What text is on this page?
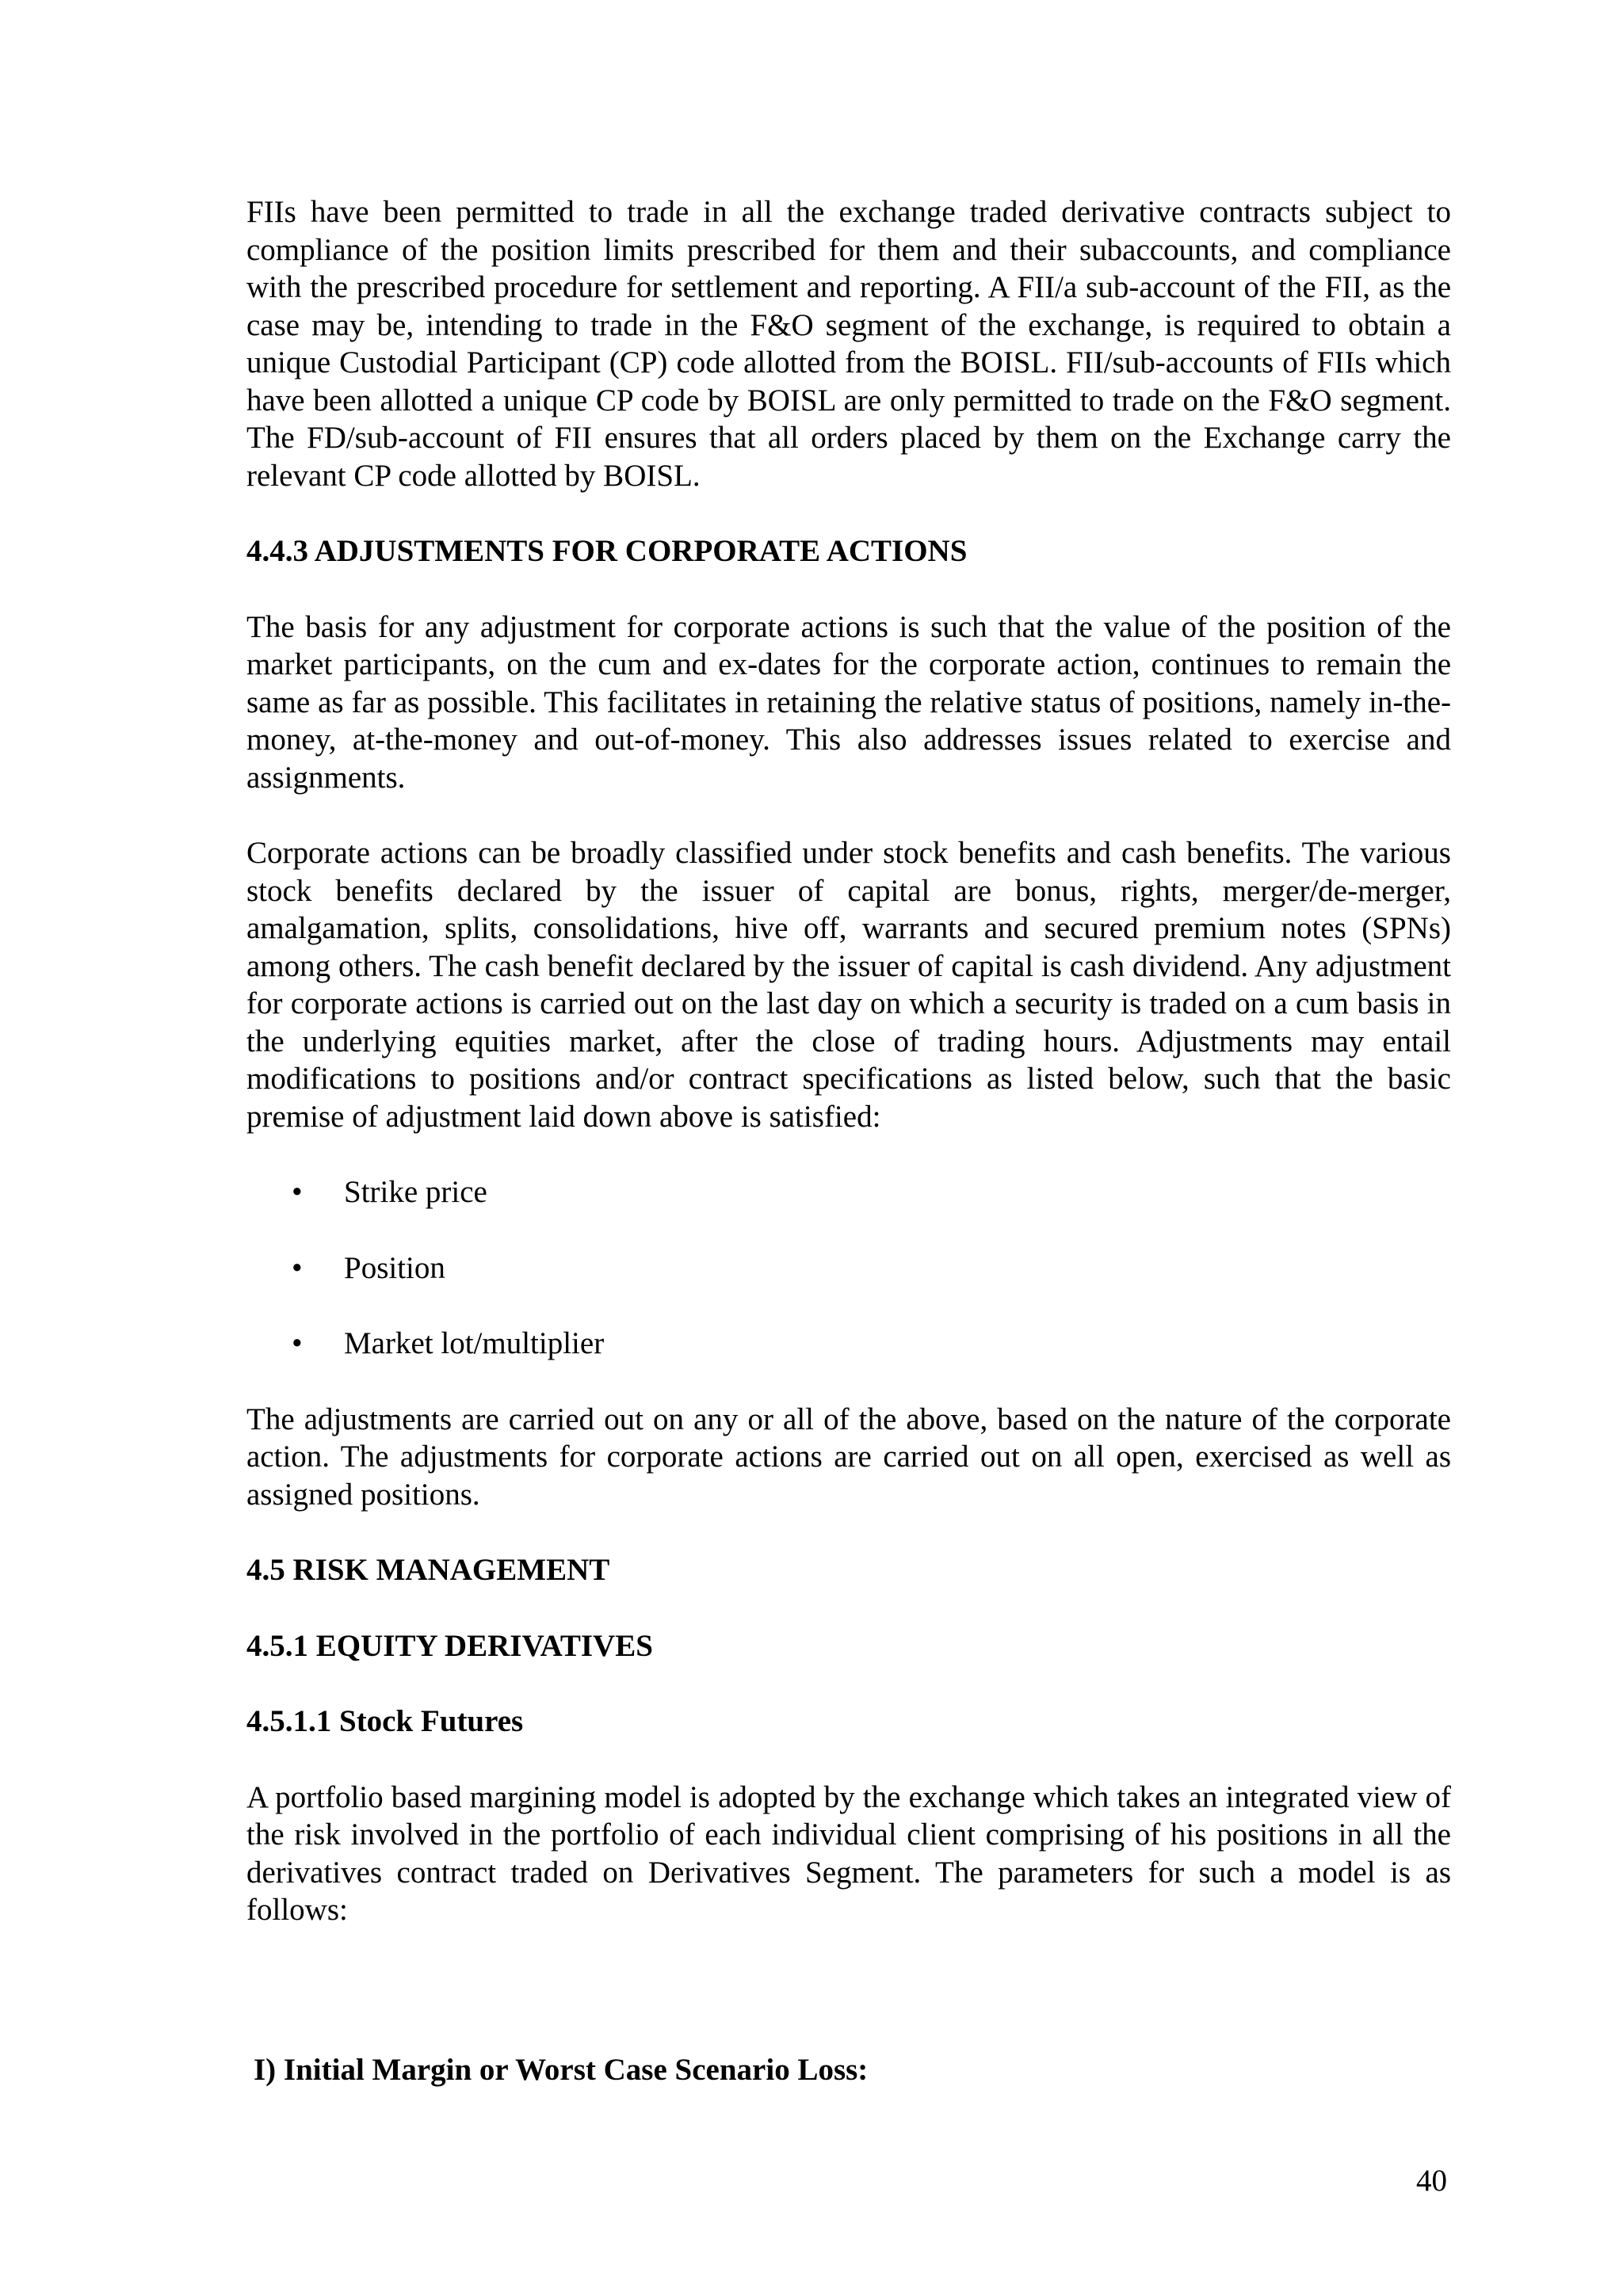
FIIs have been permitted to trade in all the exchange traded derivative contracts subject to compliance of the position limits prescribed for them and their subaccounts, and compliance with the prescribed procedure for settlement and reporting. A FII/a sub-account of the FII, as the case may be, intending to trade in the F&O segment of the exchange, is required to obtain a unique Custodial Participant (CP) code allotted from the BOISL. FII/sub-accounts of FIIs which have been allotted a unique CP code by BOISL are only permitted to trade on the F&O segment. The FD/sub-account of FII ensures that all orders placed by them on the Exchange carry the relevant CP code allotted by BOISL.

4.4.3 ADJUSTMENTS FOR CORPORATE ACTIONS

The basis for any adjustment for corporate actions is such that the value of the position of the market participants, on the cum and ex-dates for the corporate action, continues to remain the same as far as possible. This facilitates in retaining the relative status of positions, namely in-the-money, at-the-money and out-of-money. This also addresses issues related to exercise and assignments.

Corporate actions can be broadly classified under stock benefits and cash benefits. The various stock benefits declared by the issuer of capital are bonus, rights, merger/de-merger, amalgamation, splits, consolidations, hive off, warrants and secured premium notes (SPNs) among others. The cash benefit declared by the issuer of capital is cash dividend. Any adjustment for corporate actions is carried out on the last day on which a security is traded on a cum basis in the underlying equities market, after the close of trading hours. Adjustments may entail modifications to positions and/or contract specifications as listed below, such that the basic premise of adjustment laid down above is satisfied:

• Strike price
• Position
• Market lot/multiplier

The adjustments are carried out on any or all of the above, based on the nature of the corporate action. The adjustments for corporate actions are carried out on all open, exercised as well as assigned positions.

4.5 RISK MANAGEMENT
4.5.1 EQUITY DERIVATIVES
4.5.1.1 Stock Futures

A portfolio based margining model is adopted by the exchange which takes an integrated view of the risk involved in the portfolio of each individual client comprising of his positions in all the derivatives contract traded on Derivatives Segment. The parameters for such a model is as follows:

I) Initial Margin or Worst Case Scenario Loss:
40
